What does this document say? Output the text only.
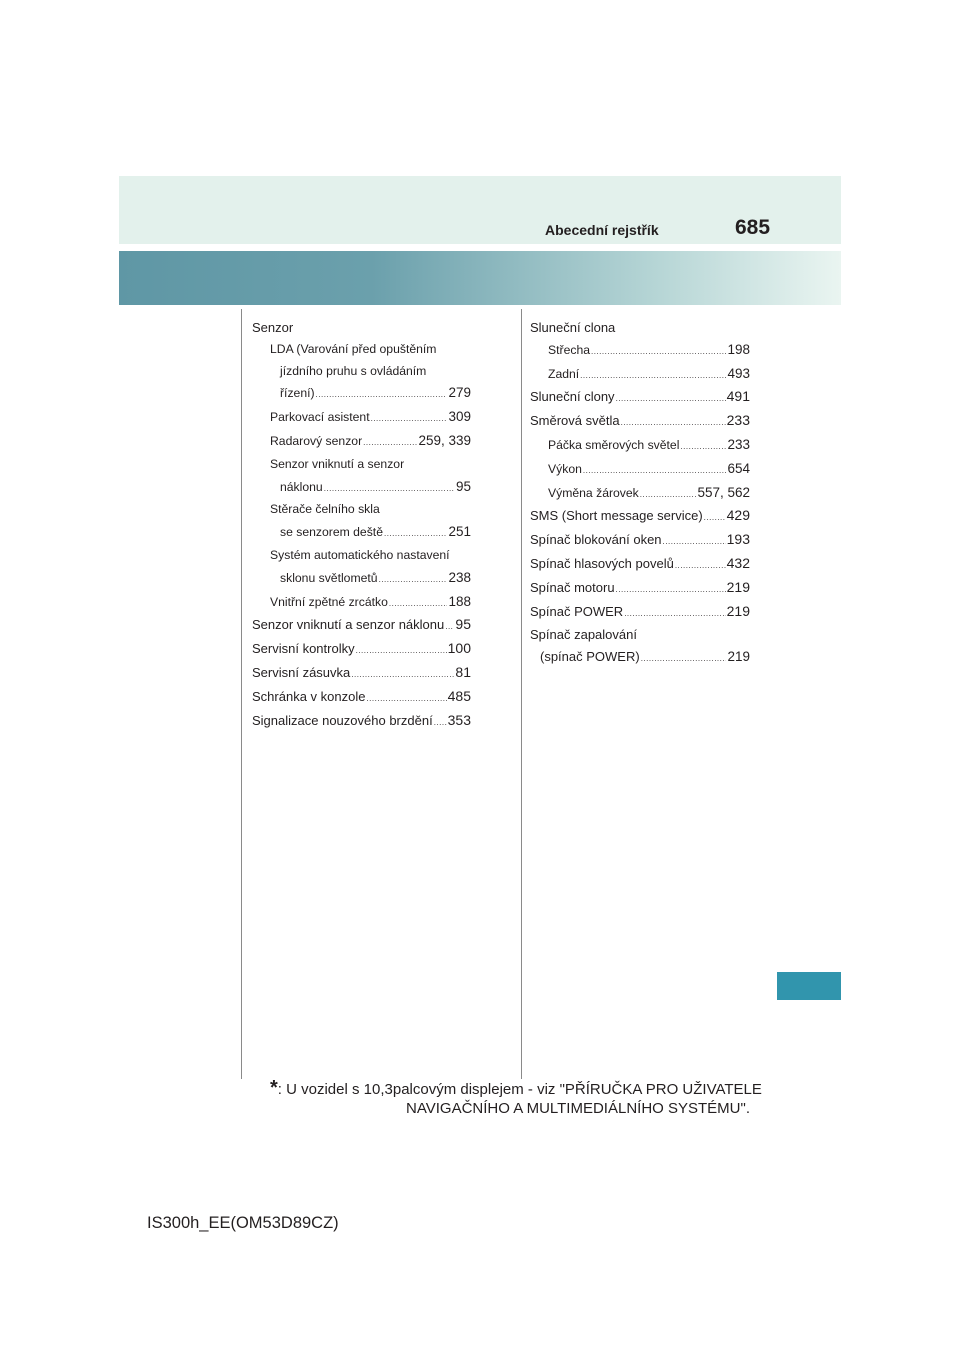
Abecední rejstřík	685
Senzor
LDA (Varování před opuštěním
jízdního pruhu s ovládáním
řízení) .....	279
Parkovací asistent .....	309
Radarový senzor .....	259, 339
Senzor vniknutí a senzor
náklonu .....	95
Stěrače čelního skla
se senzorem deště .....	251
Systém automatického nastavení
sklonu světlometů .....	238
Vnitřní zpětné zrcátko .....	188
Senzor vniknutí a senzor náklonu ..... 95
Servisní kontrolky .....	100
Servisní zásuvka .....	81
Schránka v konzole .....	485
Signalizace nouzového brzdění ..... 353
Sluneční clona
Střecha .....	198
Zadní .....	493
Sluneční clony .....	491
Směrová světla .....	233
Páčka směrových světel .....	233
Výkon .....	654
Výměna žárovek .....	557, 562
SMS (Short message service) ..... 429
Spínač blokování oken .....	193
Spínač hlasových povelů .....	432
Spínač motoru .....	219
Spínač POWER .....	219
Spínač zapalování
(spínač POWER) .....	219
*: U vozidel s 10,3palcovým displejem - viz "PŘÍRUČKA PRO UŽIVATELE
NAVIGAČNÍHO A MULTIMEDIÁLNÍHO SYSTÉMU".
IS300h_EE(OM53D89CZ)
